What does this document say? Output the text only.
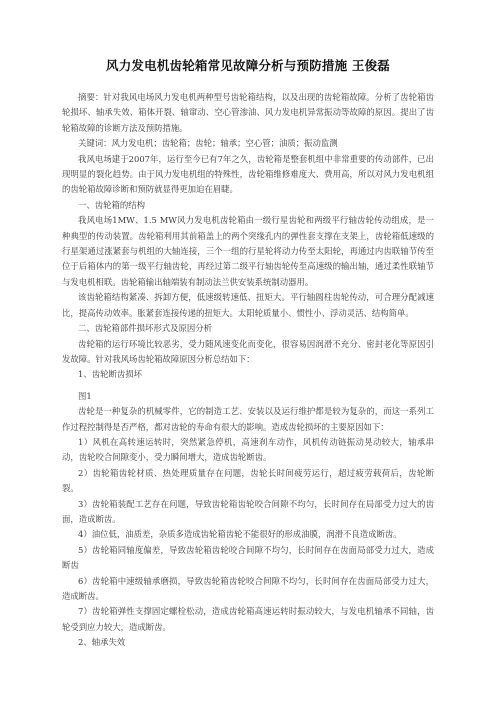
风力发电机齿轮箱常见故障分析与预防措施 王俊磊

摘要：针对我风电场风力发电机两种型号齿轮箱结构，以及出现的齿轮箱故障。分析了齿轮箱齿轮损坏、轴承失效、箱体开裂、轴窜动、空心管渗油、风力发电机异常振动等故障的原因。提出了齿轮箱故障的诊断方法及预防措施。

关键词：风力发电机；齿轮箱；齿轮；轴承；空心管；油质；振动监测

我风电场建于2007年，运行至今已有7年之久，齿轮箱是整套机组中非常重要的传动部件，已出现明显的裂化趋势。由于风力发电机组的特殊性，齿轮箱维修难度大、费用高，所以对风力发电机组的齿轮箱故障诊断和预防就显得更加迫在眉睫。

一、齿轮箱的结构

我风电场1MW、1.5 MW风力发电机齿轮箱由一级行星齿轮和两级平行轴齿轮传动组成，是一种典型的传动装置。齿轮箱利用其前箱盖上的两个突缘孔内的弹性套支撑在支架上，齿轮箱低速级的行星架通过涨紧套与机组的大轴连接，三个一组的行星轮将动力传至太阳轮，再通过内齿联轴节传至位于后箱体内的第一级平行轴齿轮，再经过第二级平行轴齿轮传至高速级的输出轴，通过柔性联轴节与发电机相联。齿轮箱输出轴端装有制动法兰供安装系统制动器用。

该齿轮箱结构紧凑、拆卸方便，低速级转速低、扭矩大。平行轴圆柱齿轮传动，可合理分配减速比，提高传动效率。胀紧套连接传递的扭矩大。太阳轮质量小、惯性小、浮动灵活、结构简单。

二、齿轮箱部件损坏形式及原因分析

齿轮箱的运行环境比较恶劣，受力随风速变化而变化，很容易因润滑不充分、密封老化等原因引发故障。针对我风场齿轮箱故障原因分析总结如下：

1、齿轮断齿损坏

图1

齿轮是一种复杂的机械零件，它的制造工艺、安装以及运行维护都是较为复杂的，而这一系列工作过程控制得是否严格，都对齿轮的寿命有很大的影响。造成齿轮损坏的主要原因如下：

1）风机在高转速运转时，突然紧急停机，高速刹车动作，风机传动链振动晃动较大，轴承串动，齿轮咬合间隙变小，受力瞬间增大，造成齿轮断齿。

2）齿轮箱齿轮材质、热处理质量存在问题，齿轮长时间疲劳运行，超过疲劳载荷后，齿轮断裂。

3）齿轮箱装配工艺存在问题，导致齿轮箱齿轮咬合间隙不均匀，长时间存在局部受力过大的齿面，造成断齿。

4）油位低，油质差，杂质多造成齿轮箱齿轮不能很好的形成油膜，润滑不良造成断齿。

5）齿轮箱同轴度偏差，导致齿轮箱齿轮咬合间隙不均匀，长时间存在齿面局部受力过大，造成断齿

6）齿轮箱中速级轴承磨损，导致齿轮箱齿轮咬合间隙不均匀，长时间存在齿面局部受力过大，造成断齿。

7）齿轮箱弹性支撑固定螺栓松动，造成齿轮箱高速运转时振动较大，与发电机轴承不同轴，齿轮受到应力较大，造成断齿。

2、轴承失效
